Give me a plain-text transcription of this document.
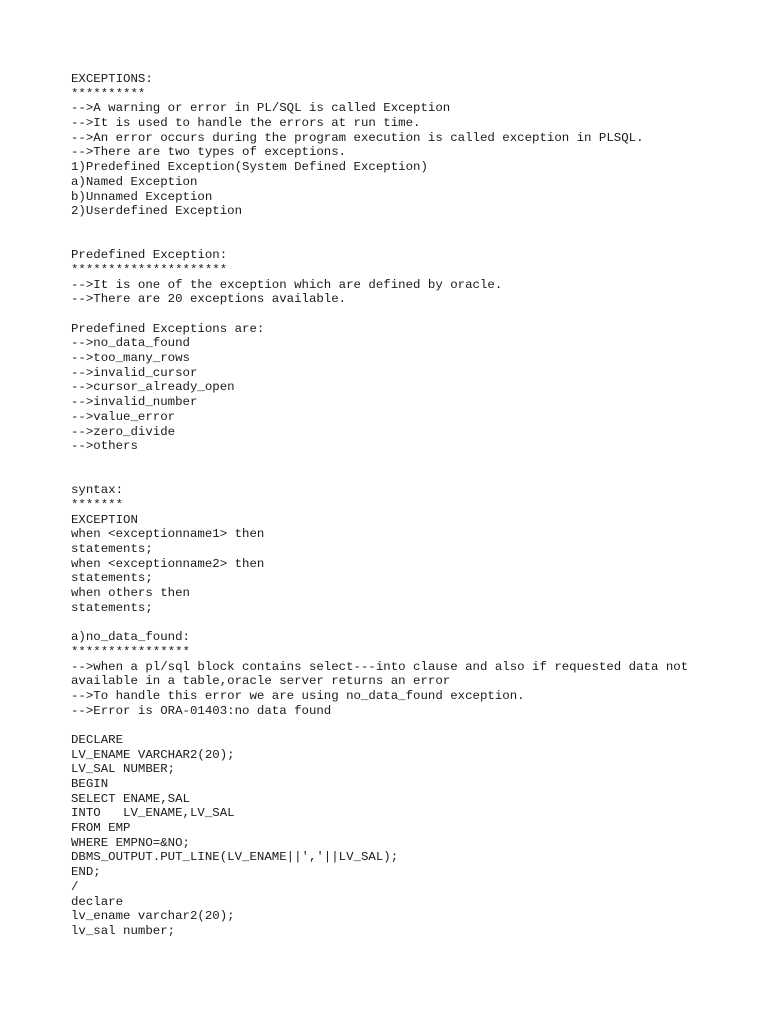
EXCEPTIONS:
**********
-->A warning or error in PL/SQL is called Exception
-->It is used to handle the errors at run time.
-->An error occurs during the program execution is called exception in PLSQL.
-->There are two types of exceptions.
1)Predefined Exception(System Defined Exception)
a)Named Exception
b)Unnamed Exception
2)Userdefined Exception
Predefined Exception:
*********************
-->It is one of the exception which are defined by oracle.
-->There are 20 exceptions available.
Predefined Exceptions are:
-->no_data_found
-->too_many_rows
-->invalid_cursor
-->cursor_already_open
-->invalid_number
-->value_error
-->zero_divide
-->others
syntax:
*******
EXCEPTION
when <exceptionname1> then
statements;
when <exceptionname2> then
statements;
when others then
statements;
a)no_data_found:
****************
-->when a pl/sql block contains select---into clause and also if requested data not
available in a table,oracle server returns an error
-->To handle this error we are using no_data_found exception.
-->Error is ORA-01403:no data found
DECLARE
LV_ENAME VARCHAR2(20);
LV_SAL NUMBER;
BEGIN
SELECT ENAME,SAL
INTO   LV_ENAME,LV_SAL
FROM EMP
WHERE EMPNO=&NO;
DBMS_OUTPUT.PUT_LINE(LV_ENAME||','||LV_SAL);
END;
/
declare
lv_ename varchar2(20);
lv_sal number;
